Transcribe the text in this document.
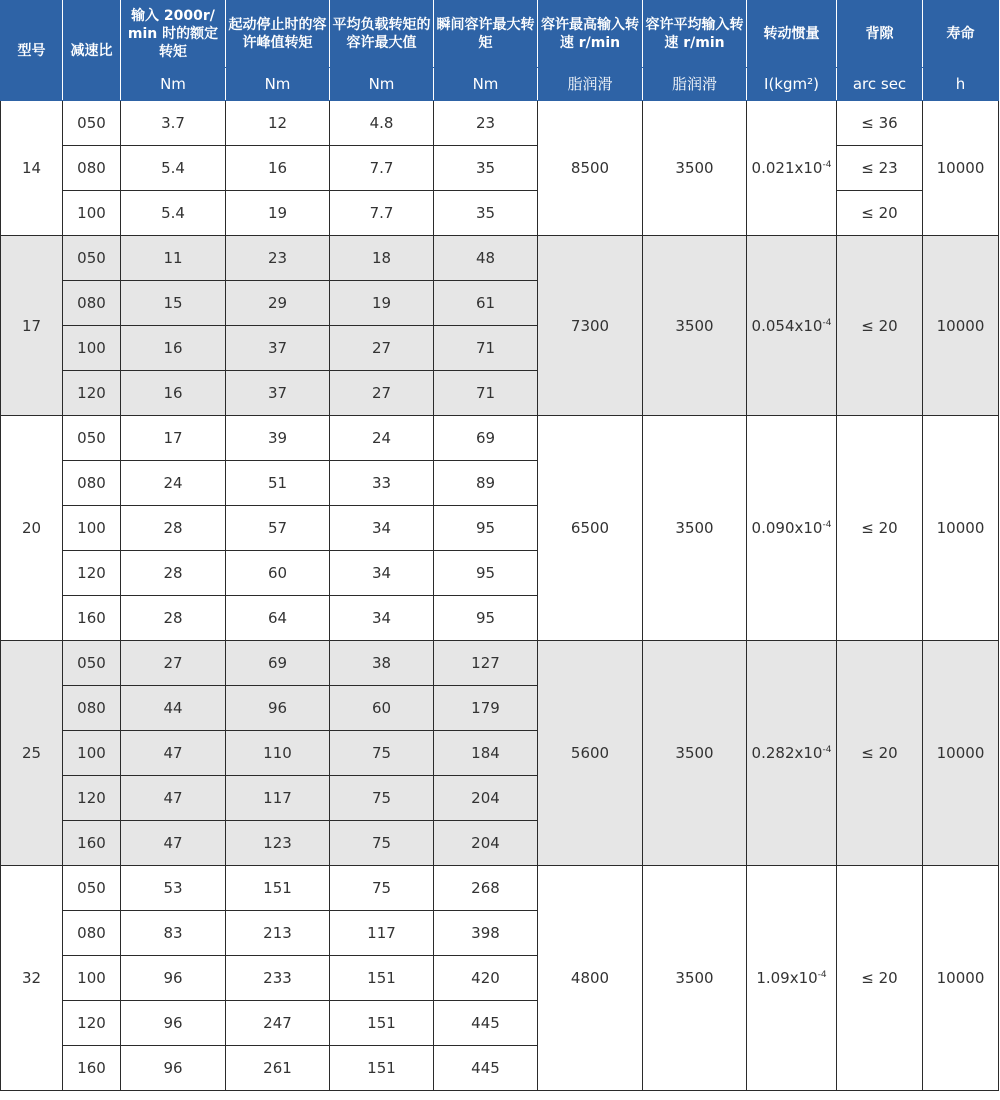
型号	减速比	输入 2000r/ min 时的额定转矩	起动停止时的容许峰值转矩	平均负载转矩的容许最大值	瞬间容许最大转矩	容许最高输入转速 r/min	容许平均输入转速 r/min	转动惯量	背隙	寿命
		Nm	Nm	Nm	Nm	脂润滑	脂润滑	I(kgm²)	arc sec	h
14	050	3.7	12	4.8	23	8500	3500	$0.021x10^{-4}$	≤ 36	10000
	080	5.4	16	7.7	35				≤ 23	
	100	5.4	19	7.7	35				≤ 20	
17	050	11	23	18	48	7300	3500	$0.054x10^{-4}$	≤ 20	10000
	080	15	29	19	61					
	100	16	37	27	71					
	120	16	37	27	71					
20	050	17	39	24	69	6500	3500	$0.090x10^{-4}$	≤ 20	10000
	080	24	51	33	89					
	100	28	57	34	95					
	120	28	60	34	95					
	160	28	64	34	95					
25	050	27	69	38	127	5600	3500	$0.282x10^{-4}$	≤ 20	10000
	080	44	96	60	179					
	100	47	110	75	184					
	120	47	117	75	204					
	160	47	123	75	204					
32	050	53	151	75	268	4800	3500	$1.09x10^{-4}$	≤ 20	10000
	080	83	213	117	398					
	100	96	233	151	420					
	120	96	247	151	445					
	160	96	261	151	445					
